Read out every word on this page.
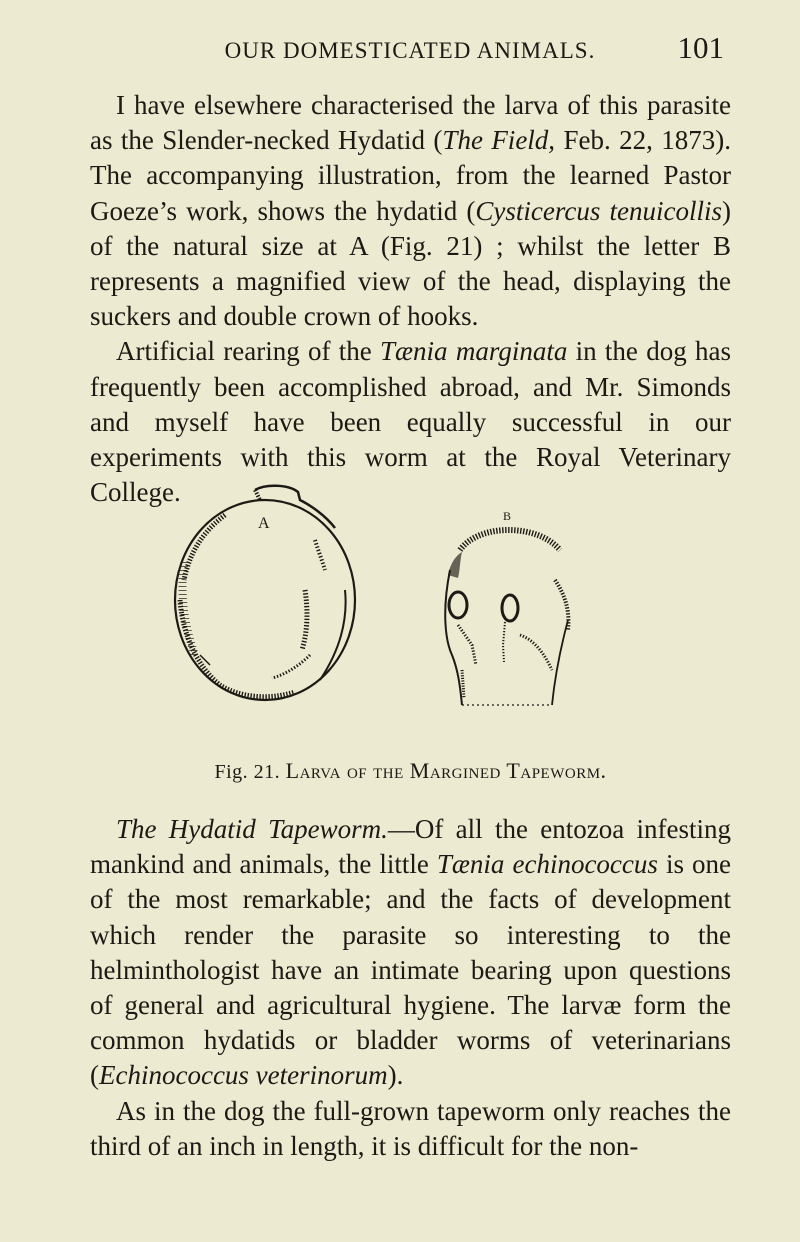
OUR DOMESTICATED ANIMALS.	101

I have elsewhere characterised the larva of this parasite as the Slender-necked Hydatid (The Field, Feb. 22, 1873). The accompanying illustration, from the learned Pastor Goeze’s work, shows the hydatid (Cysticercus tenuicollis) of the natural size at A (Fig. 21) ; whilst the letter B represents a magnified view of the head, displaying the suckers and double crown of hooks.

Artificial rearing of the Tænia marginata in the dog has frequently been accomplished abroad, and Mr. Simonds and myself have been equally successful in our experiments with this worm at the Royal Veterinary College.

A	B
Fig. 21. Larva of the Margined Tapeworm.

The Hydatid Tapeworm.—Of all the entozoa infesting mankind and animals, the little Tænia echinococcus is one of the most remarkable; and the facts of development which render the parasite so interesting to the helminthologist have an intimate bearing upon questions of general and agricultural hygiene. The larvæ form the common hydatids or bladder worms of veterinarians (Echinococcus veterinorum).

As in the dog the full-grown tapeworm only reaches the third of an inch in length, it is difficult for the non-
